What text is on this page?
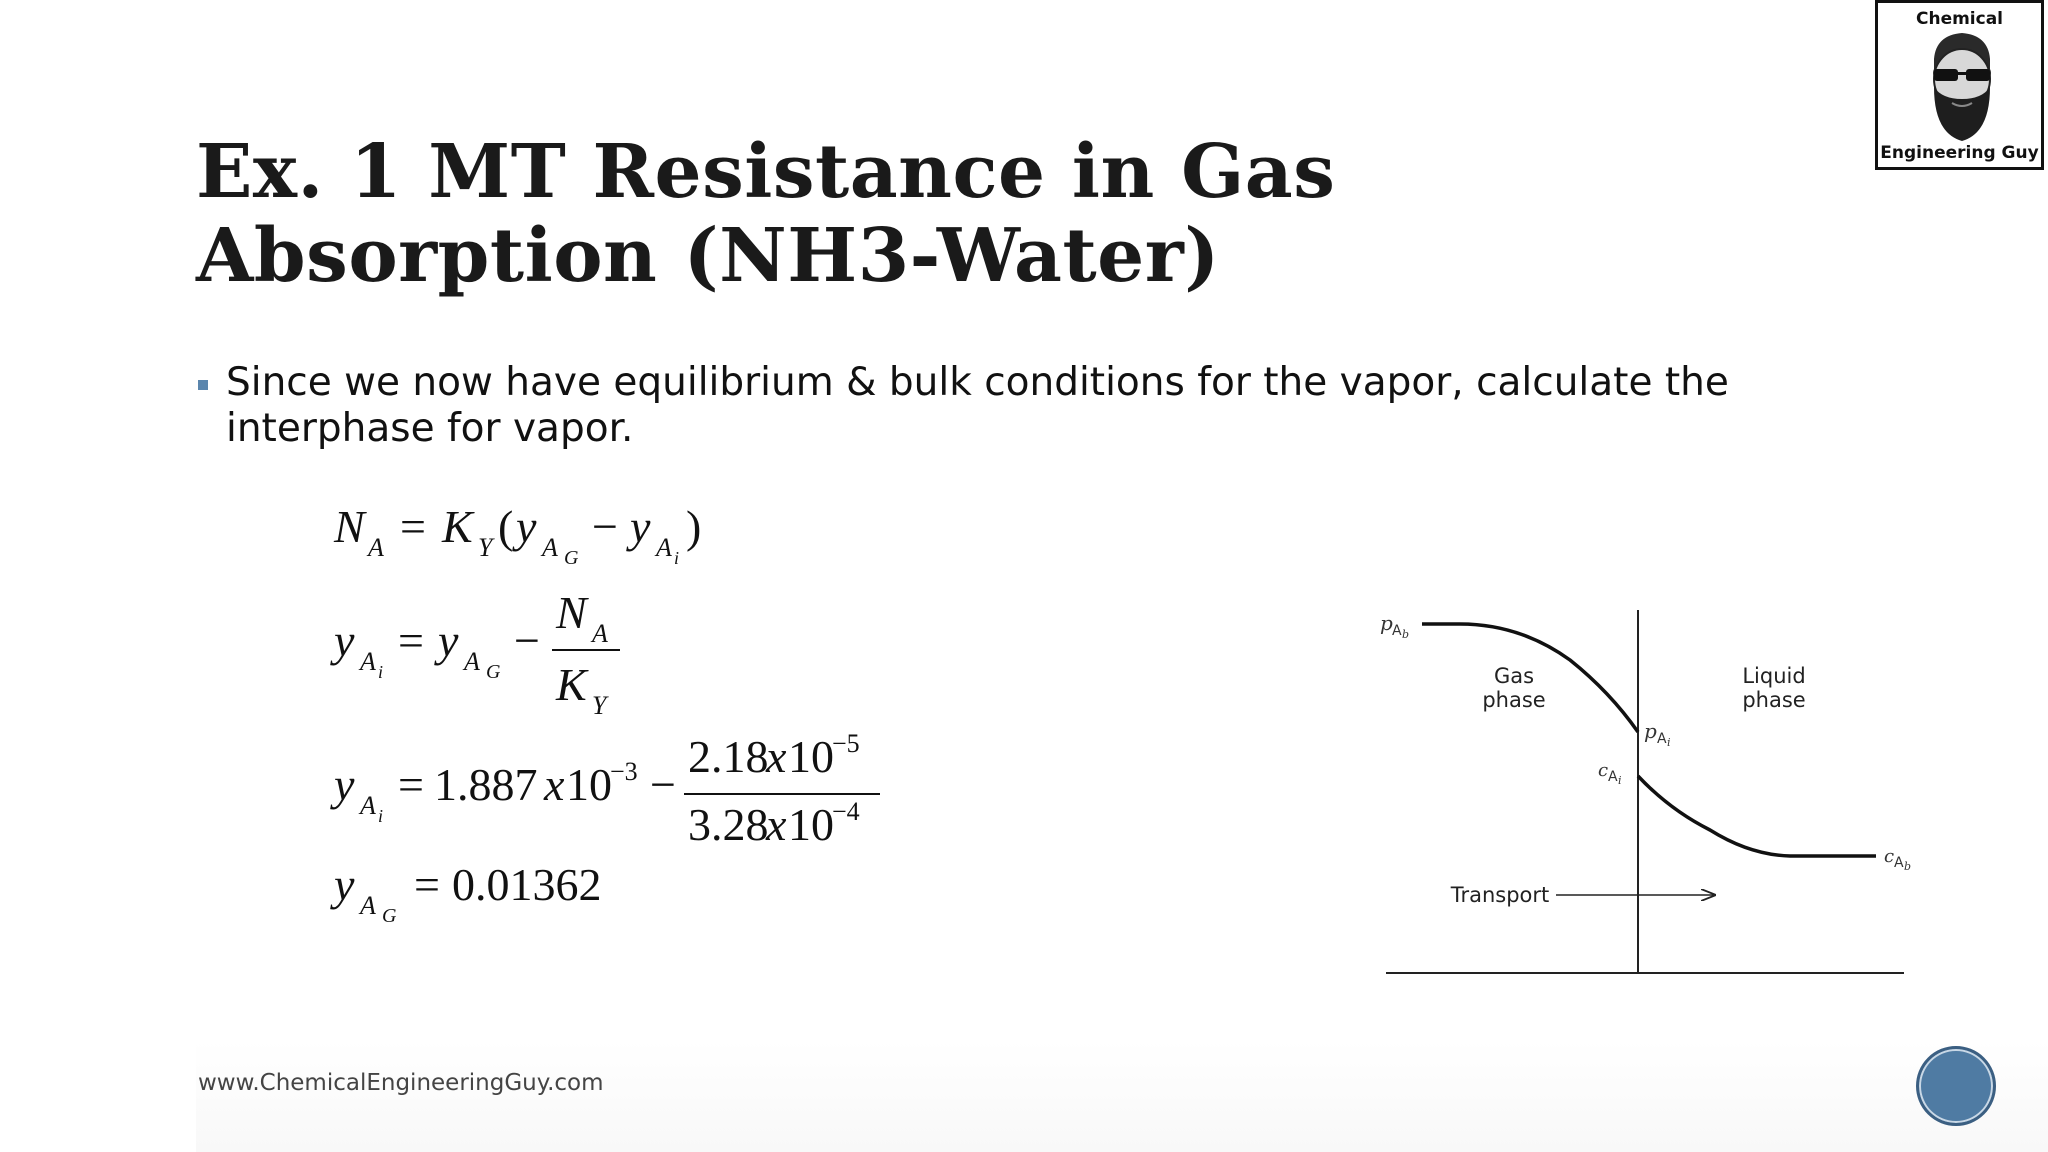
Chemical
Engineering Guy
Ex. 1 MT Resistance in Gas Absorption (NH3-Water)
Since we now have equilibrium & bulk conditions for the vapor, calculate the interphase for vapor.
N A = K Y ( y A G
− y A i
)
y A i
= y A G
−
N A
K Y
y A i
= 1.887 x 10
−3 −
2.18
x 10
−5
3.28
x 10
−4
y A G
= 0.01362
Gas
phase
Liquid
phase
Transport
p A b
p A i
c A i
c A b
www.ChemicalEngineeringGuy.com
